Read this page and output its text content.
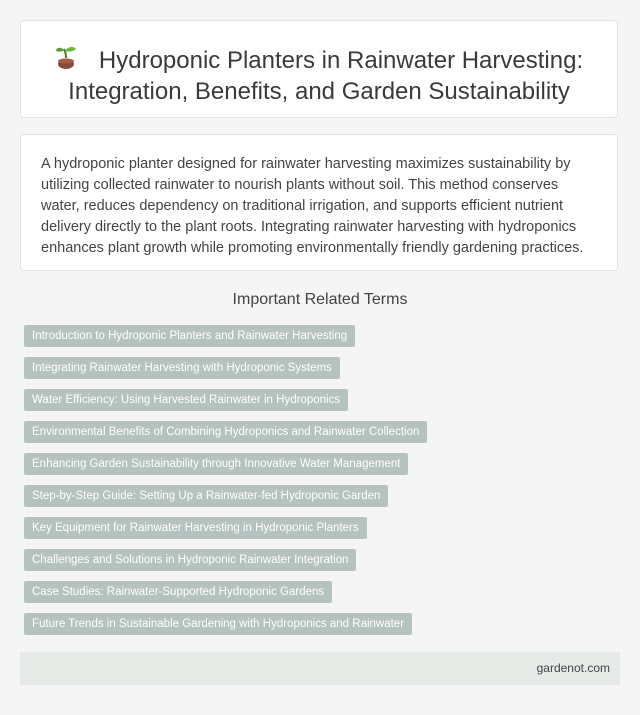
Hydroponic Planters in Rainwater Harvesting: Integration, Benefits, and Garden Sustainability

A hydroponic planter designed for rainwater harvesting maximizes sustainability by utilizing collected rainwater to nourish plants without soil. This method conserves water, reduces dependency on traditional irrigation, and supports efficient nutrient delivery directly to the plant roots. Integrating rainwater harvesting with hydroponics enhances plant growth while promoting environmentally friendly gardening practices.

Important Related Terms
Introduction to Hydroponic Planters and Rainwater Harvesting
Integrating Rainwater Harvesting with Hydroponic Systems
Water Efficiency: Using Harvested Rainwater in Hydroponics
Environmental Benefits of Combining Hydroponics and Rainwater Collection
Enhancing Garden Sustainability through Innovative Water Management
Step-by-Step Guide: Setting Up a Rainwater-fed Hydroponic Garden
Key Equipment for Rainwater Harvesting in Hydroponic Planters
Challenges and Solutions in Hydroponic Rainwater Integration
Case Studies: Rainwater-Supported Hydroponic Gardens
Future Trends in Sustainable Gardening with Hydroponics and Rainwater
gardenot.com
